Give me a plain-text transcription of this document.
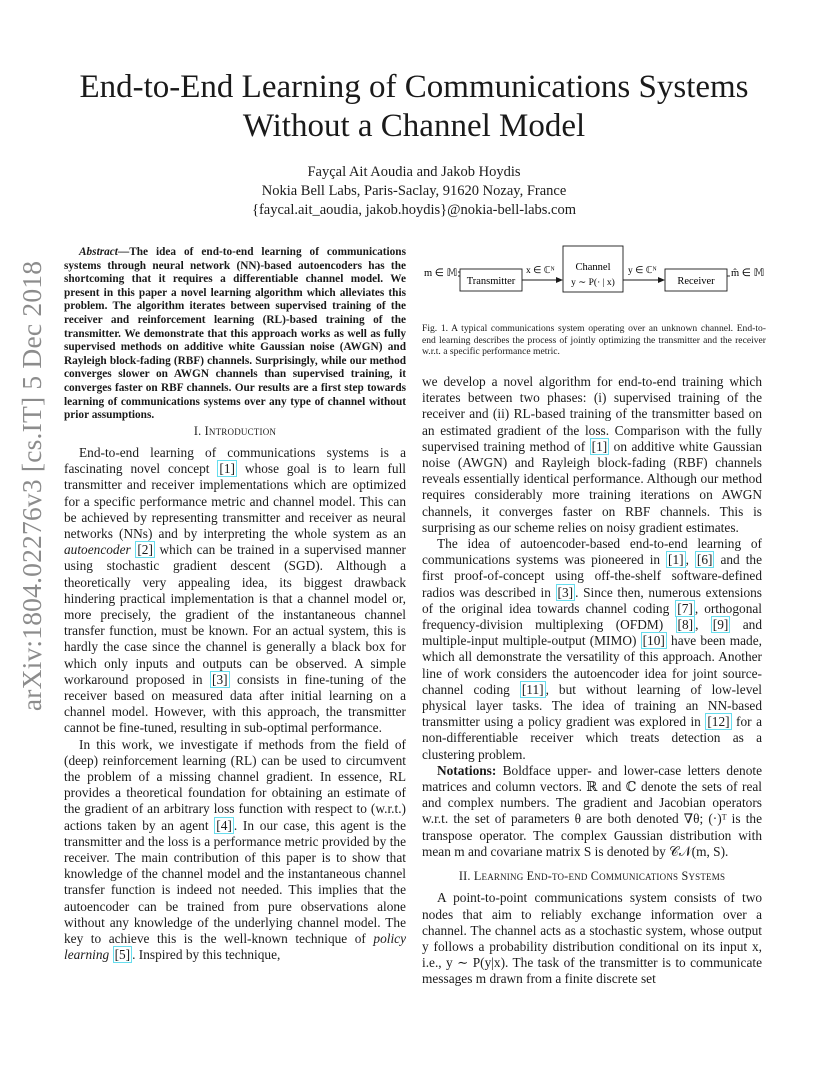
arXiv:1804.02276v3 [cs.IT] 5 Dec 2018
End-to-End Learning of Communications Systems
Without a Channel Model
Fayçal Ait Aoudia and Jakob Hoydis
Nokia Bell Labs, Paris-Saclay, 91620 Nozay, France
{faycal.ait_aoudia, jakob.hoydis}@nokia-bell-labs.com

Abstract—The idea of end-to-end learning of communications systems through neural network (NN)-based autoencoders has the shortcoming that it requires a differentiable channel model. We present in this paper a novel learning algorithm which alleviates this problem. The algorithm iterates between supervised training of the receiver and reinforcement learning (RL)-based training of the transmitter. We demonstrate that this approach works as well as fully supervised methods on additive white Gaussian noise (AWGN) and Rayleigh block-fading (RBF) channels. Surprisingly, while our method converges slower on AWGN channels than supervised training, it converges faster on RBF channels. Our results are a first step towards learning of communications systems over any type of channel without prior assumptions.

I. Introduction

End-to-end learning of communications systems is a fascinating novel concept [1] whose goal is to learn full transmitter and receiver implementations which are optimized for a specific performance metric and channel model. This can be achieved by representing transmitter and receiver as neural networks (NNs) and by interpreting the whole system as an autoencoder [2] which can be trained in a supervised manner using stochastic gradient descent (SGD). Although a theoretically very appealing idea, its biggest drawback hindering practical implementation is that a channel model or, more precisely, the gradient of the instantaneous channel transfer function, must be known. For an actual system, this is hardly the case since the channel is generally a black box for which only inputs and outputs can be observed. A simple workaround proposed in [3] consists in fine-tuning of the receiver based on measured data after initial learning on a channel model. However, with this approach, the transmitter cannot be fine-tuned, resulting in sub-optimal performance.

In this work, we investigate if methods from the field of (deep) reinforcement learning (RL) can be used to circumvent the problem of a missing channel gradient. In essence, RL provides a theoretical foundation for obtaining an estimate of the gradient of an arbitrary loss function with respect to (w.r.t.) actions taken by an agent [4] . In our case, this agent is the transmitter and the loss is a performance metric provided by the receiver. The main contribution of this paper is to show that knowledge of the channel model and the instantaneous channel transfer function is indeed not needed. This implies that the autoencoder can be trained from pure observations alone without any knowledge of the underlying channel model. The key to achieve this is the well-known technique of policy learning [5] . Inspired by this technique,

m ∈ 𝕄
Transmitter
x ∈ ℂᴺ Channel
y ∼ P(· | x)
y ∈ ℂᴺ
Receiver
m̂ ∈ 𝕄
Fig. 1. A typical communications system operating over an unknown channel. End-to-end learning describes the process of jointly optimizing the transmitter and the receiver w.r.t. a specific performance metric.

we develop a novel algorithm for end-to-end training which iterates between two phases: (i) supervised training of the receiver and (ii) RL-based training of the transmitter based on an estimated gradient of the loss. Comparison with the fully supervised training method of [1] on additive white Gaussian noise (AWGN) and Rayleigh block-fading (RBF) channels reveals essentially identical performance. Although our method requires considerably more training iterations on AWGN channels, it converges faster on RBF channels. This is surprising as our scheme relies on noisy gradient estimates.

The idea of autoencoder-based end-to-end learning of communications systems was pioneered in [1] , [6] and the first proof-of-concept using off-the-shelf software-defined radios was described in [3] . Since then, numerous extensions of the original idea towards channel coding [7] , orthogonal frequency-division multiplexing (OFDM) [8] , [9] and multiple-input multiple-output (MIMO) [10] have been made, which all demonstrate the versatility of this approach. Another line of work considers the autoencoder idea for joint source-channel coding [11] , but without learning of low-level physical layer tasks. The idea of training an NN-based transmitter using a policy gradient was explored in [12] for a non-differentiable receiver which treats detection as a clustering problem.

Notations: Boldface upper- and lower-case letters denote matrices and column vectors. ℝ and ℂ denote the sets of real and complex numbers. The gradient and Jacobian operators w.r.t. the set of parameters θ are both denoted ∇θ; (·)ᵀ is the transpose operator. The complex Gaussian distribution with mean m and covariane matrix S is denoted by 𝒞𝒩(m, S).

II. Learning End-to-end Communications Systems

A point-to-point communications system consists of two nodes that aim to reliably exchange information over a channel. The channel acts as a stochastic system, whose output y follows a probability distribution conditional on its input x, i.e., y ∼ P(y|x). The task of the transmitter is to communicate messages m drawn from a finite discrete set
